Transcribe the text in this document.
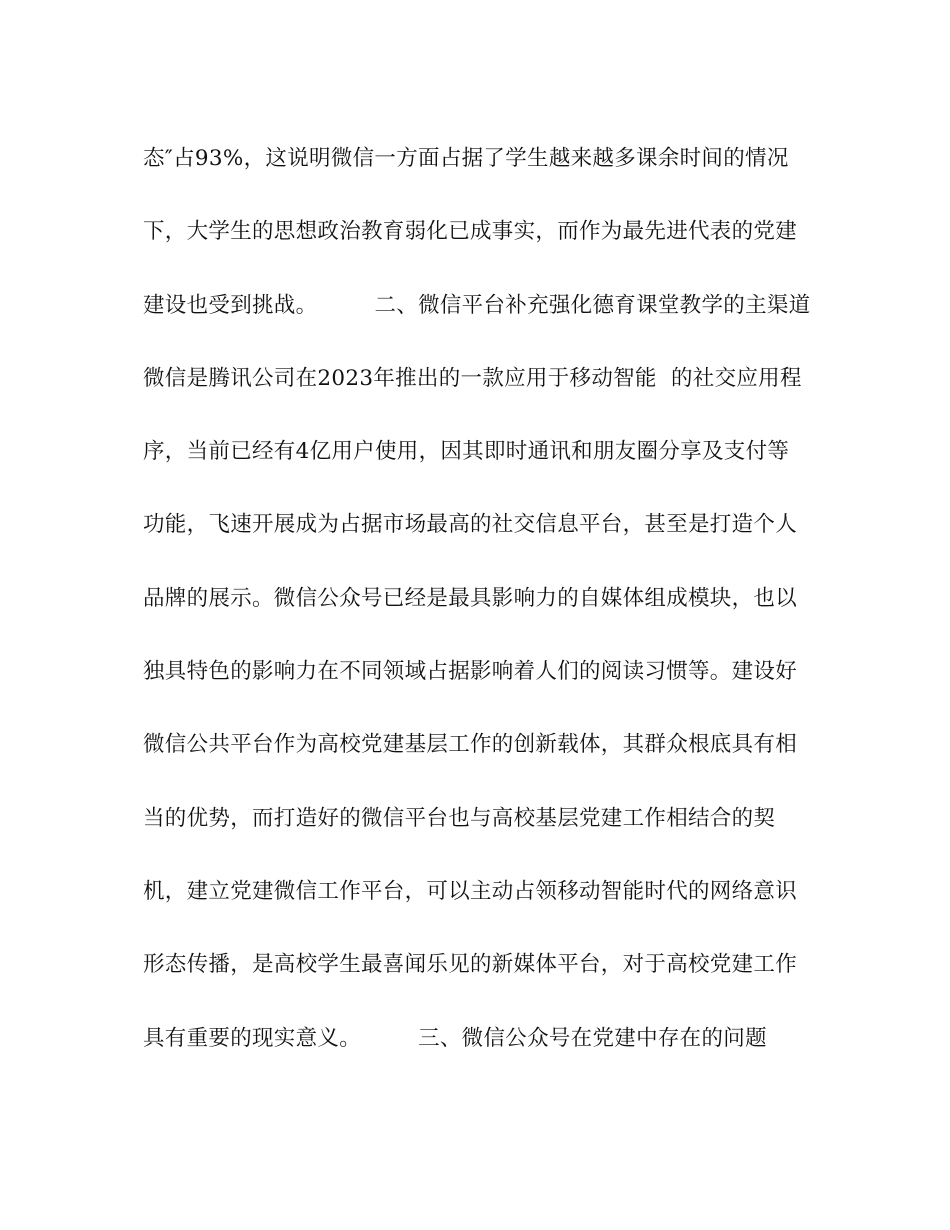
态″占93%，这说明微信一方面占据了学生越来越多课余时间的情况
下，大学生的思想政治教育弱化已成事实，而作为最先进代表的党建
建设也受到挑战。        二、微信平台补充强化德育课堂教学的主渠道
微信是腾讯公司在2023年推出的一款应用于移动智能  的社交应用程
序，当前已经有4亿用户使用，因其即时通讯和朋友圈分享及支付等
功能，飞速开展成为占据市场最高的社交信息平台，甚至是打造个人
品牌的展示。微信公众号已经是最具影响力的自媒体组成模块，也以
独具特色的影响力在不同领域占据影响着人们的阅读习惯等。建设好
微信公共平台作为高校党建基层工作的创新载体，其群众根底具有相
当的优势，而打造好的微信平台也与高校基层党建工作相结合的契
机，建立党建微信工作平台，可以主动占领移动智能时代的网络意识
形态传播，是高校学生最喜闻乐见的新媒体平台，对于高校党建工作
具有重要的现实意义。        三、微信公众号在党建中存在的问题
